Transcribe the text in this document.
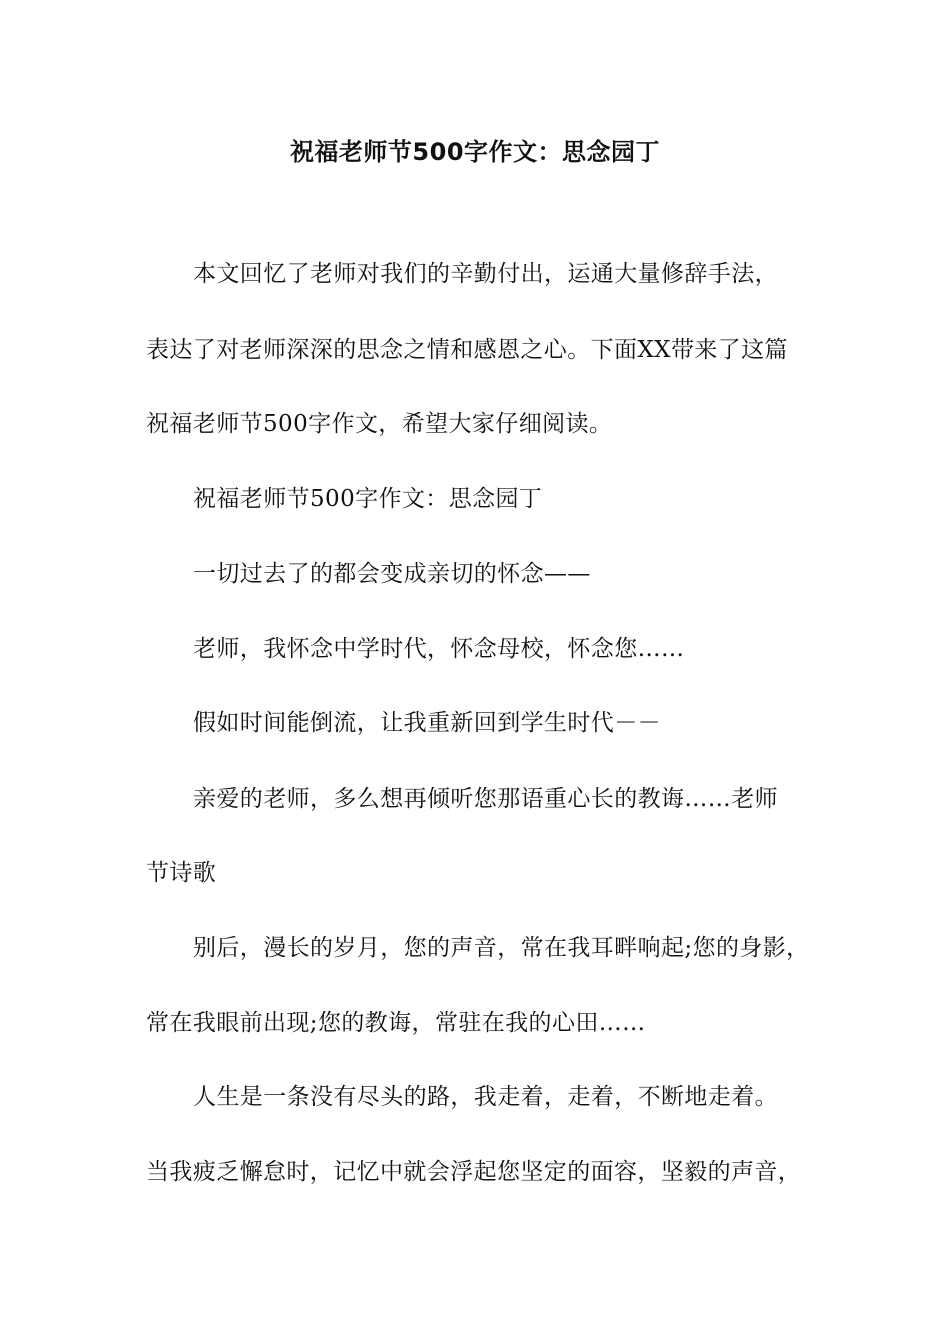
祝福老师节500字作文：思念园丁
本文回忆了老师对我们的辛勤付出，运通大量修辞手法，
表达了对老师深深的思念之情和感恩之心。下面XX带来了这篇
祝福老师节500字作文，希望大家仔细阅读。
祝福老师节500字作文：思念园丁
一切过去了的都会变成亲切的怀念——
老师，我怀念中学时代，怀念母校，怀念您……
假如时间能倒流，让我重新回到学生时代－－
亲爱的老师，多么想再倾听您那语重心长的教诲……老师
节诗歌
别后，漫长的岁月，您的声音，常在我耳畔响起;您的身影，
常在我眼前出现;您的教诲，常驻在我的心田……
人生是一条没有尽头的路，我走着，走着，不断地走着。
当我疲乏懈怠时，记忆中就会浮起您坚定的面容，坚毅的声音，
